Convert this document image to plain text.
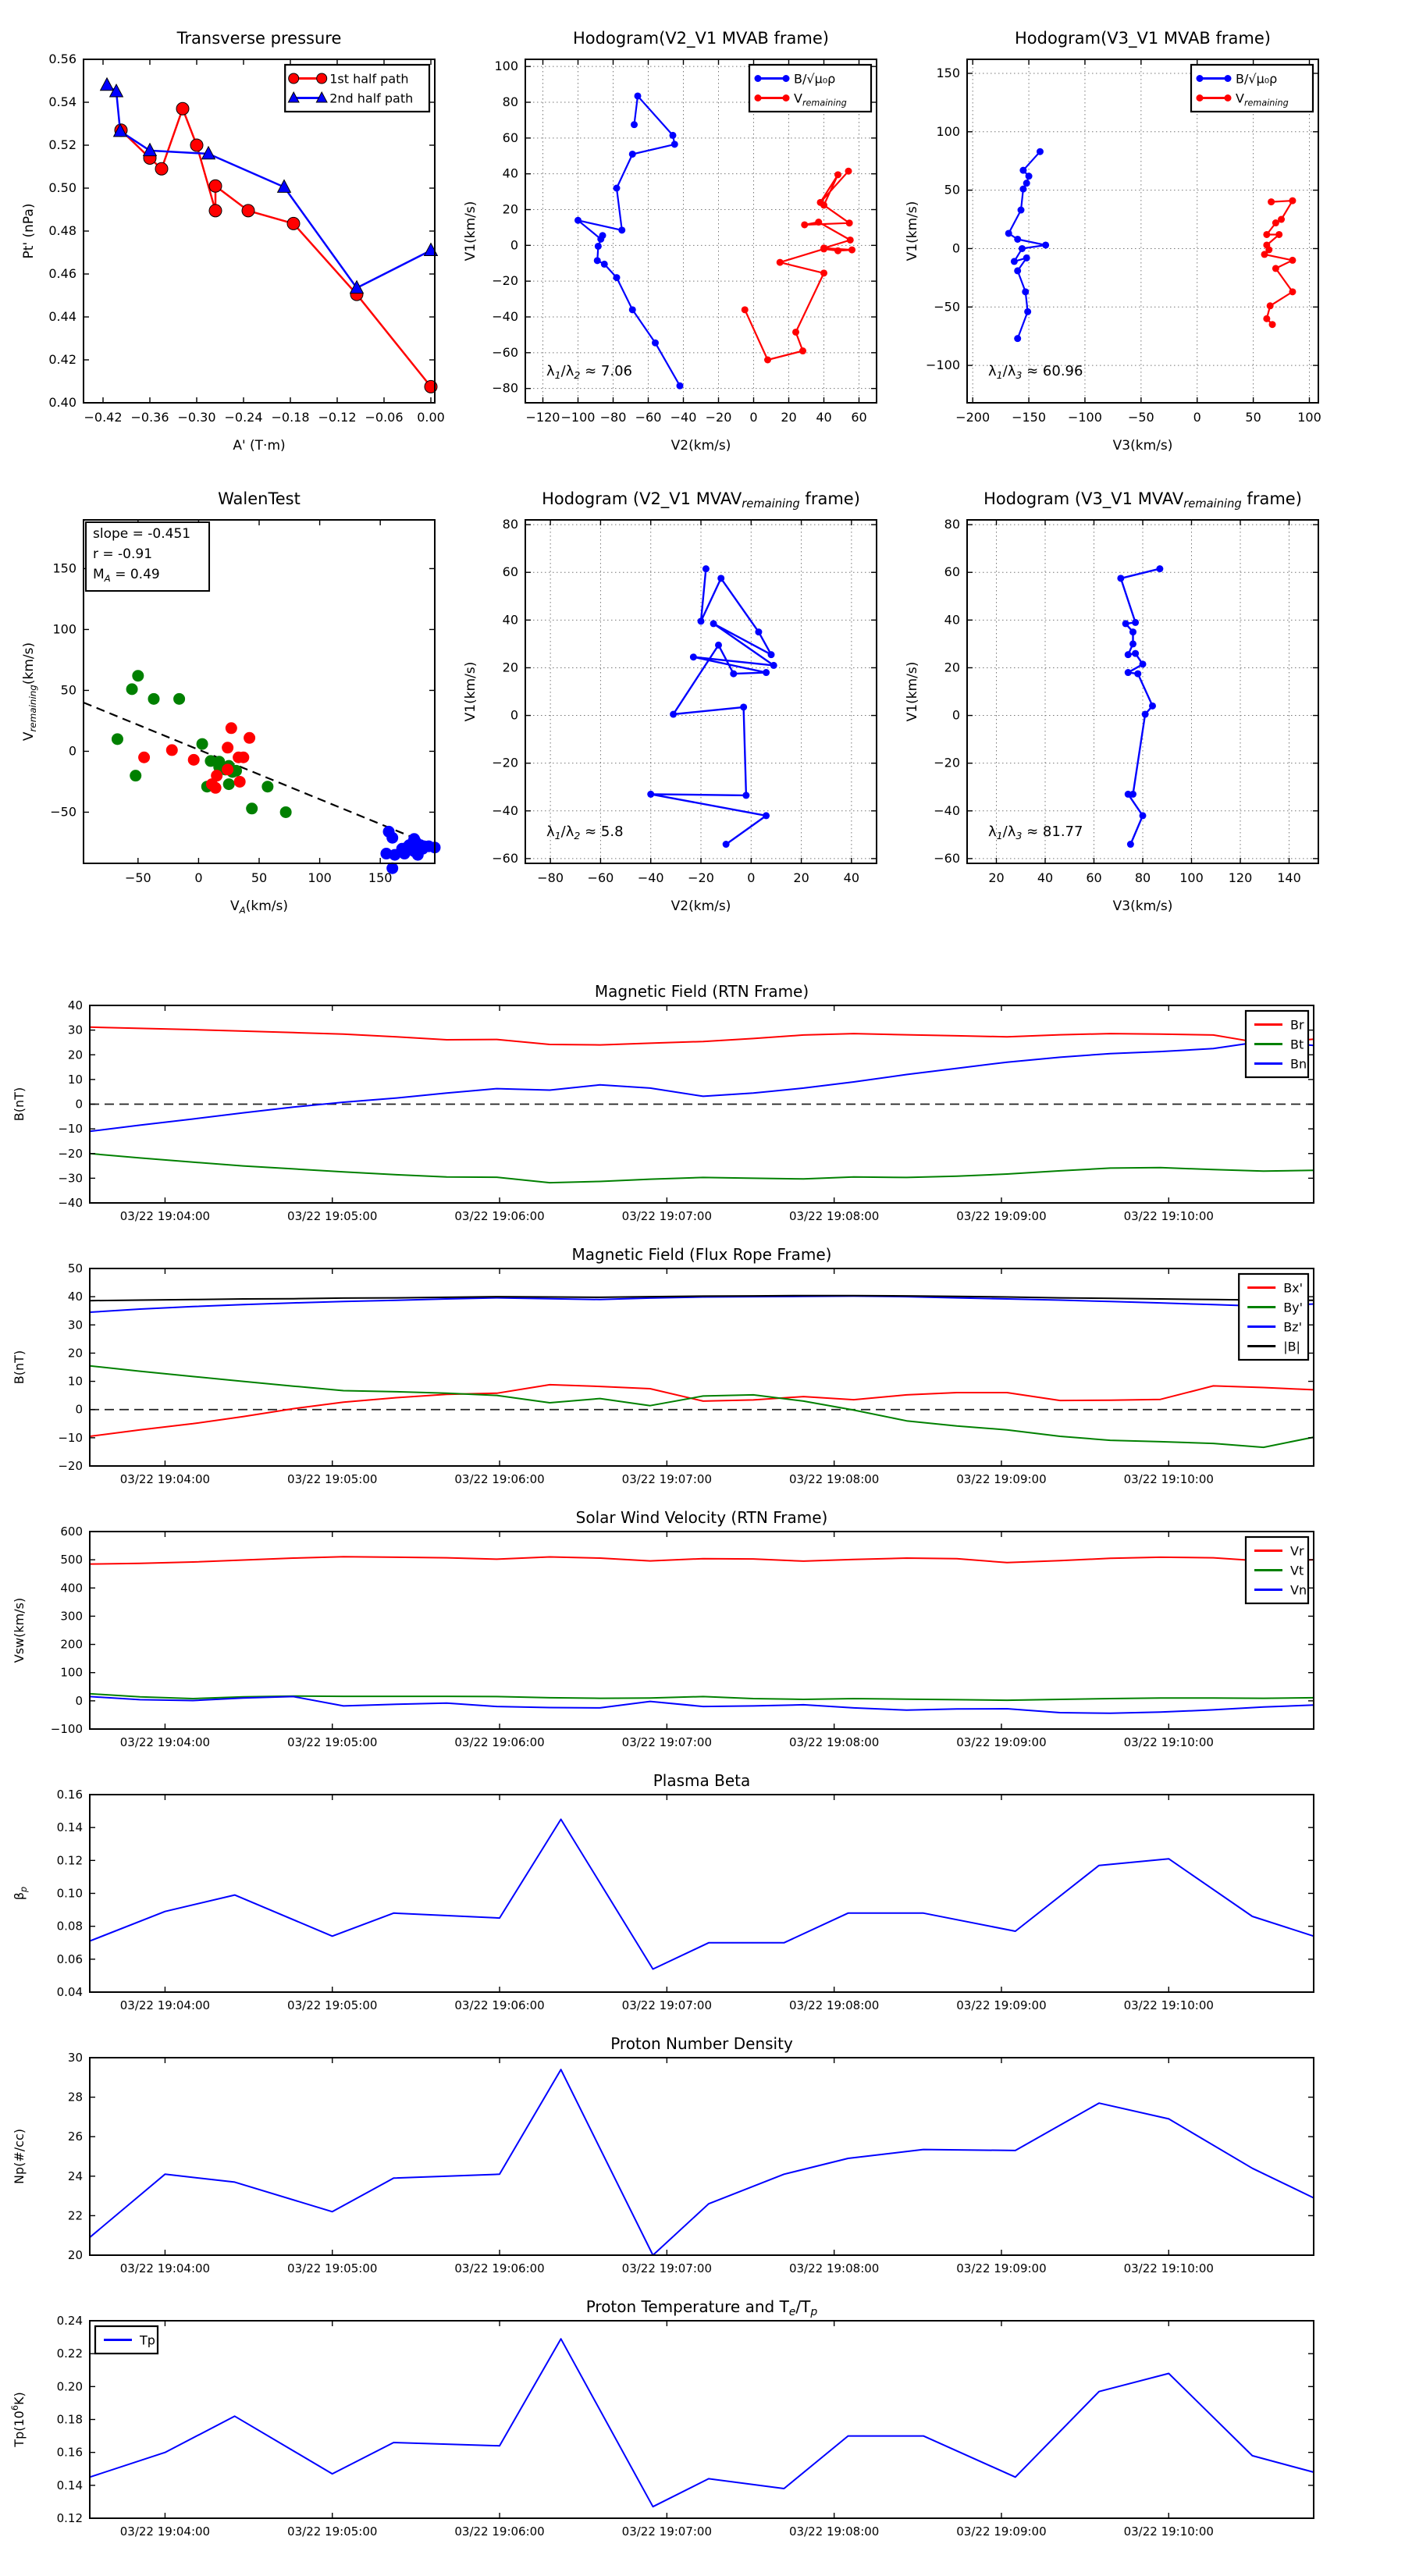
−0.42 −0.36 −0.30 −0.24 −0.18 −0.12 −0.06 0.00
0.40
0.42
0.44
0.46
0.48
0.50
0.52
0.54
0.56
Transverse pressure
A' (T·m)
Pt' (nPa)
1st half path
2nd half path
−120 −100 −80 −60 −40 −20 0 20 40 60
−80
−60
−40
−20
0
20
40
60
80
100
Hodogram(V2_V1 MVAB frame)
V2(km/s)
V1(km/s)
$\lambda_1/\lambda_2 \approx 7.06$
B/√μ₀ρ
$V_{remaining}$
−200 −150 −100 −50	0	50	100
−100
−50
0
50
100
150
Hodogram(V3_V1 MVAB frame)
V3(km/s)
V1(km/s)
$\lambda_1/\lambda_3 \approx 60.96$
B/√μ₀ρ
$V_{remaining}$
−50	0	50	100	150
−50
0
50
100
150
WalenTest
$V_A(km/s)$
$V_{remaining}(km/s)$
slope = -0.451
r = -0.91
$M_A = 0.49$
−80 −60 −40 −20	0	20	40
−60
−40
−20
0
20
40
60
80
Hodogram (V2_V1 MVAVremaining frame)
V2(km/s)
V1(km/s)
$\lambda_1/\lambda_2 \approx 5.8$
20	40	60	80 100 120 140
−60
−40
−20
0
20
40
60
80
Hodogram (V3_V1 MVAVremaining frame)
V3(km/s)
V1(km/s)
$\lambda_1/\lambda_3 \approx 81.77$
03/22 19:04:00	03/22 19:05:00	03/22 19:06:00	03/22 19:07:00	03/22 19:08:00	03/22 19:09:00	03/22 19:10:00
−40
−30
−20
−10
0
10
20
30
40
Magnetic Field (RTN Frame)
B(nT)
Br
Bt
Bn
03/22 19:04:00	03/22 19:05:00	03/22 19:06:00	03/22 19:07:00	03/22 19:08:00	03/22 19:09:00	03/22 19:10:00
−20
−10
0
10
20
30
40
50
Magnetic Field (Flux Rope Frame)
B(nT)
Bx'
By'
Bz'
|B|
03/22 19:04:00	03/22 19:05:00	03/22 19:06:00	03/22 19:07:00	03/22 19:08:00	03/22 19:09:00	03/22 19:10:00
−100
0
100
200
300
400
500
600
Solar Wind Velocity (RTN Frame)
Vsw(km/s)
Vr
Vt
Vn
03/22 19:04:00	03/22 19:05:00	03/22 19:06:00	03/22 19:07:00	03/22 19:08:00	03/22 19:09:00	03/22 19:10:00
0.04
0.06
0.08
0.10
0.12
0.14
0.16
Plasma Beta
$\beta_p$
03/22 19:04:00	03/22 19:05:00	03/22 19:06:00	03/22 19:07:00	03/22 19:08:00	03/22 19:09:00	03/22 19:10:00
20
22
24
26
28
30
Proton Number Density
Np(#/cc)
03/22 19:04:00	03/22 19:05:00	03/22 19:06:00	03/22 19:07:00	03/22 19:08:00	03/22 19:09:00	03/22 19:10:00
0.12
0.14
0.16
0.18
0.20
0.22
0.24
Proton Temperature and $T_e/T_p$
$Tp(10^6K)$
Tp
